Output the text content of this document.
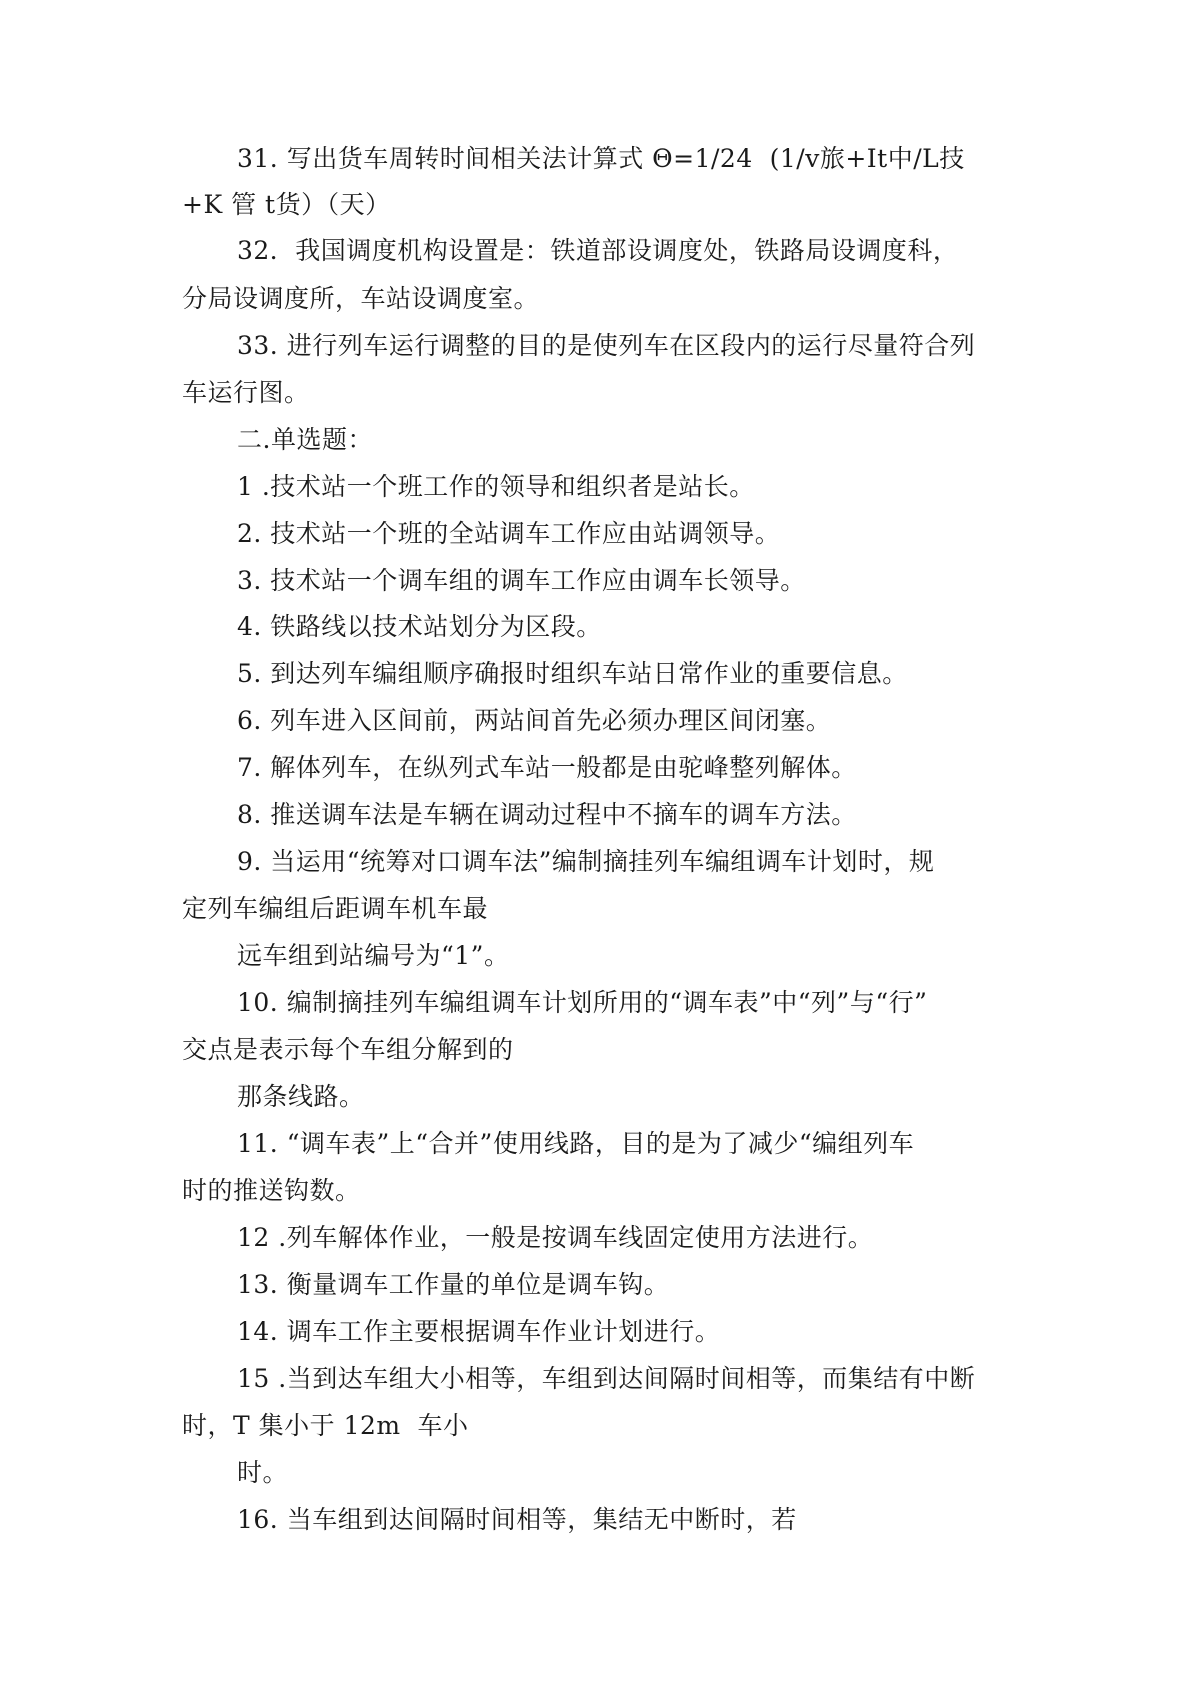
31. 写出货车周转时间相关法计算式 Θ=1/24  (1/v旅+It中/L技
+K 管 t货）（天）
32．我国调度机构设置是：铁道部设调度处，铁路局设调度科，
分局设调度所，车站设调度室。
33. 进行列车运行调整的目的是使列车在区段内的运行尽量符合列
车运行图。
二.单选题：
1 .技术站一个班工作的领导和组织者是站长。
2. 技术站一个班的全站调车工作应由站调领导。
3. 技术站一个调车组的调车工作应由调车长领导。
4. 铁路线以技术站划分为区段。
5. 到达列车编组顺序确报时组织车站日常作业的重要信息。
6. 列车进入区间前，两站间首先必须办理区间闭塞。
7. 解体列车，在纵列式车站一般都是由驼峰整列解体。
8. 推送调车法是车辆在调动过程中不摘车的调车方法。
9. 当运用“统筹对口调车法”编制摘挂列车编组调车计划时，规
定列车编组后距调车机车最
远车组到站编号为“1”。
10. 编制摘挂列车编组调车计划所用的“调车表”中“列”与“行”
交点是表示每个车组分解到的
那条线路。
11. “调车表”上“合并”使用线路，目的是为了减少“编组列车
时的推送钩数。
12 .列车解体作业，一般是按调车线固定使用方法进行。
13. 衡量调车工作量的单位是调车钩。
14. 调车工作主要根据调车作业计划进行。
15 .当到达车组大小相等，车组到达间隔时间相等，而集结有中断
时，T 集小于 12m  车小
时。
16. 当车组到达间隔时间相等，集结无中断时，若
